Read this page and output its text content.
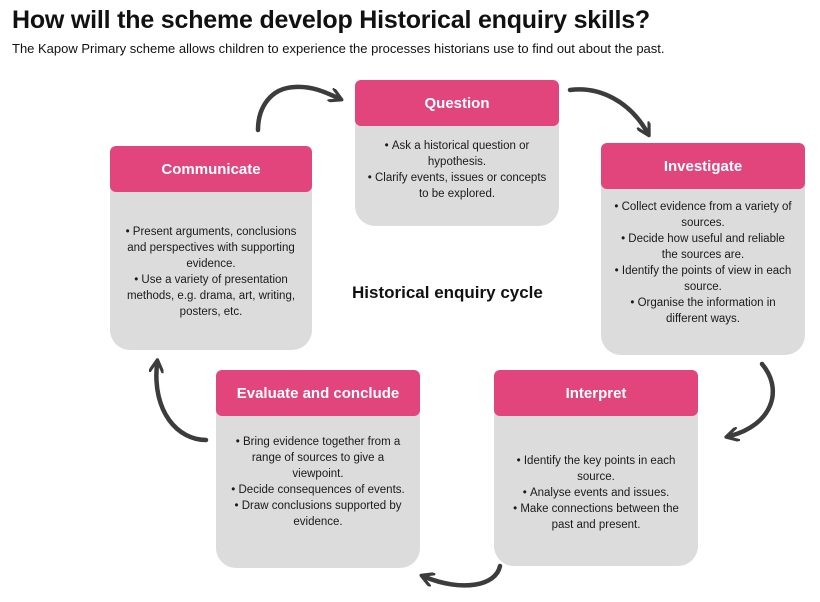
How will the scheme develop Historical enquiry skills?

The Kapow Primary scheme allows children to experience the processes historians use to find out about the past.

Question
• Ask a historical question or hypothesis.
• Clarify events, issues or concepts to be explored.
Investigate
• Collect evidence from a variety of sources.
• Decide how useful and reliable the sources are.
• Identify the points of view in each source.
• Organise the information in different ways.
Interpret
• Identify the key points in each source.
• Analyse events and issues.
• Make connections between the past and present.
Evaluate and conclude
• Bring evidence together from a range of sources to give a viewpoint.
• Decide consequences of events.
• Draw conclusions supported by evidence.
Communicate
• Present arguments, conclusions and perspectives with supporting evidence.
• Use a variety of presentation methods, e.g. drama, art, writing, posters, etc.
Historical enquiry cycle
